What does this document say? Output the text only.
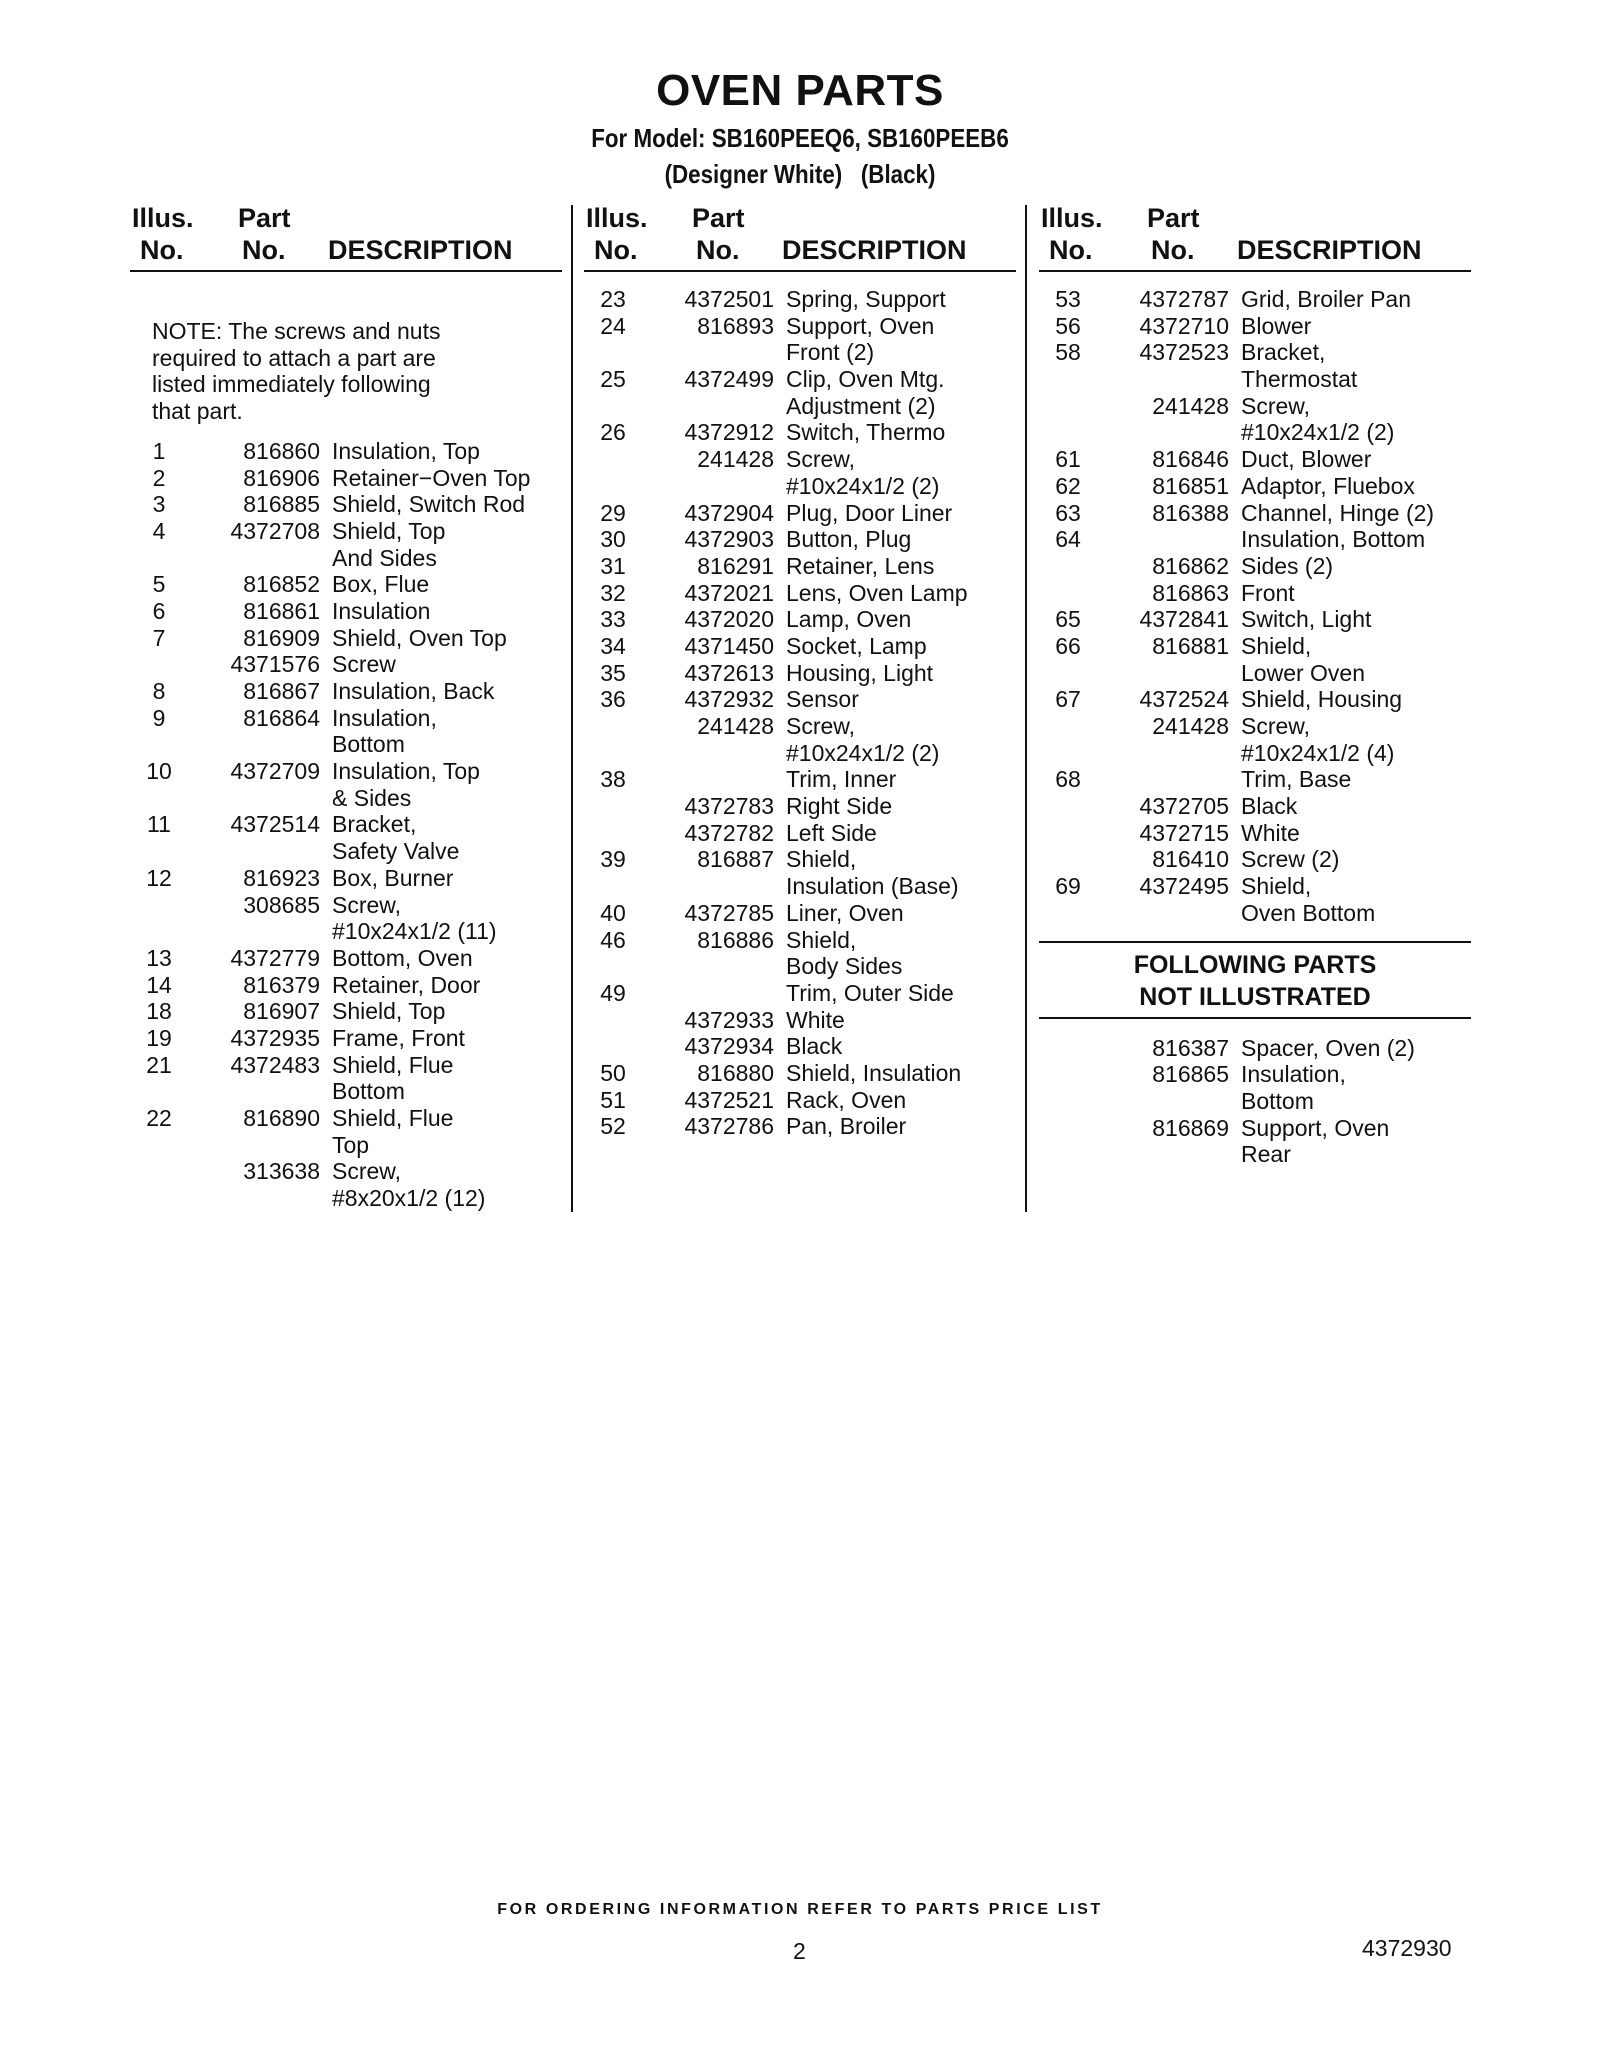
OVEN PARTS
For Model: SB160PEEQ6, SB160PEEB6
(Designer White)   (Black)
Illus. Part
No. No. DESCRIPTION
NOTE: The screws and nuts
required to attach a part are
listed immediately following
that part.
1	816860 Insulation, Top
2	816906 Retainer−Oven Top
3	816885 Shield, Switch Rod
4	4372708 Shield, Top
And Sides
5	816852 Box, Flue
6	816861 Insulation
7	816909 Shield, Oven Top
4371576 Screw
8	816867 Insulation, Back
9	816864 Insulation,
Bottom
10	4372709 Insulation, Top
& Sides
11	4372514 Bracket,
Safety Valve
12	816923 Box, Burner
308685 Screw,
#10x24x1/2 (11)
13	4372779 Bottom, Oven
14	816379 Retainer, Door
18	816907 Shield, Top
19	4372935 Frame, Front
21	4372483 Shield, Flue
Bottom
22	816890 Shield, Flue
Top
313638 Screw,
#8x20x1/2 (12)
Illus. Part
No. No. DESCRIPTION
23	4372501 Spring, Support
24	816893 Support, Oven
Front (2)
25	4372499 Clip, Oven Mtg.
Adjustment (2)
26	4372912 Switch, Thermo
241428 Screw,
#10x24x1/2 (2)
29	4372904 Plug, Door Liner
30	4372903 Button, Plug
31	816291 Retainer, Lens
32	4372021 Lens, Oven Lamp
33	4372020 Lamp, Oven
34	4371450 Socket, Lamp
35	4372613 Housing, Light
36	4372932 Sensor
241428 Screw,
#10x24x1/2 (2)
38	Trim, Inner
4372783 Right Side
4372782 Left Side
39	816887 Shield,
Insulation (Base)
40	4372785 Liner, Oven
46	816886 Shield,
Body Sides
49	Trim, Outer Side
4372933 White
4372934 Black
50	816880 Shield, Insulation
51	4372521 Rack, Oven
52	4372786 Pan, Broiler
Illus. Part
No. No. DESCRIPTION
53	4372787 Grid, Broiler Pan
56	4372710 Blower
58	4372523 Bracket,
Thermostat
241428 Screw,
#10x24x1/2 (2)
61	816846 Duct, Blower
62	816851 Adaptor, Fluebox
63	816388 Channel, Hinge (2)
64	Insulation, Bottom
816862 Sides (2)
816863 Front
65	4372841 Switch, Light
66	816881 Shield,
Lower Oven
67	4372524 Shield, Housing
241428 Screw,
#10x24x1/2 (4)
68	Trim, Base
4372705 Black
4372715 White
816410 Screw (2)
69	4372495 Shield,
Oven Bottom
FOLLOWING PARTS
NOT ILLUSTRATED
816387 Spacer, Oven (2)
816865 Insulation,
Bottom
816869 Support, Oven
Rear
FOR ORDERING INFORMATION REFER TO PARTS PRICE LIST
2	4372930
